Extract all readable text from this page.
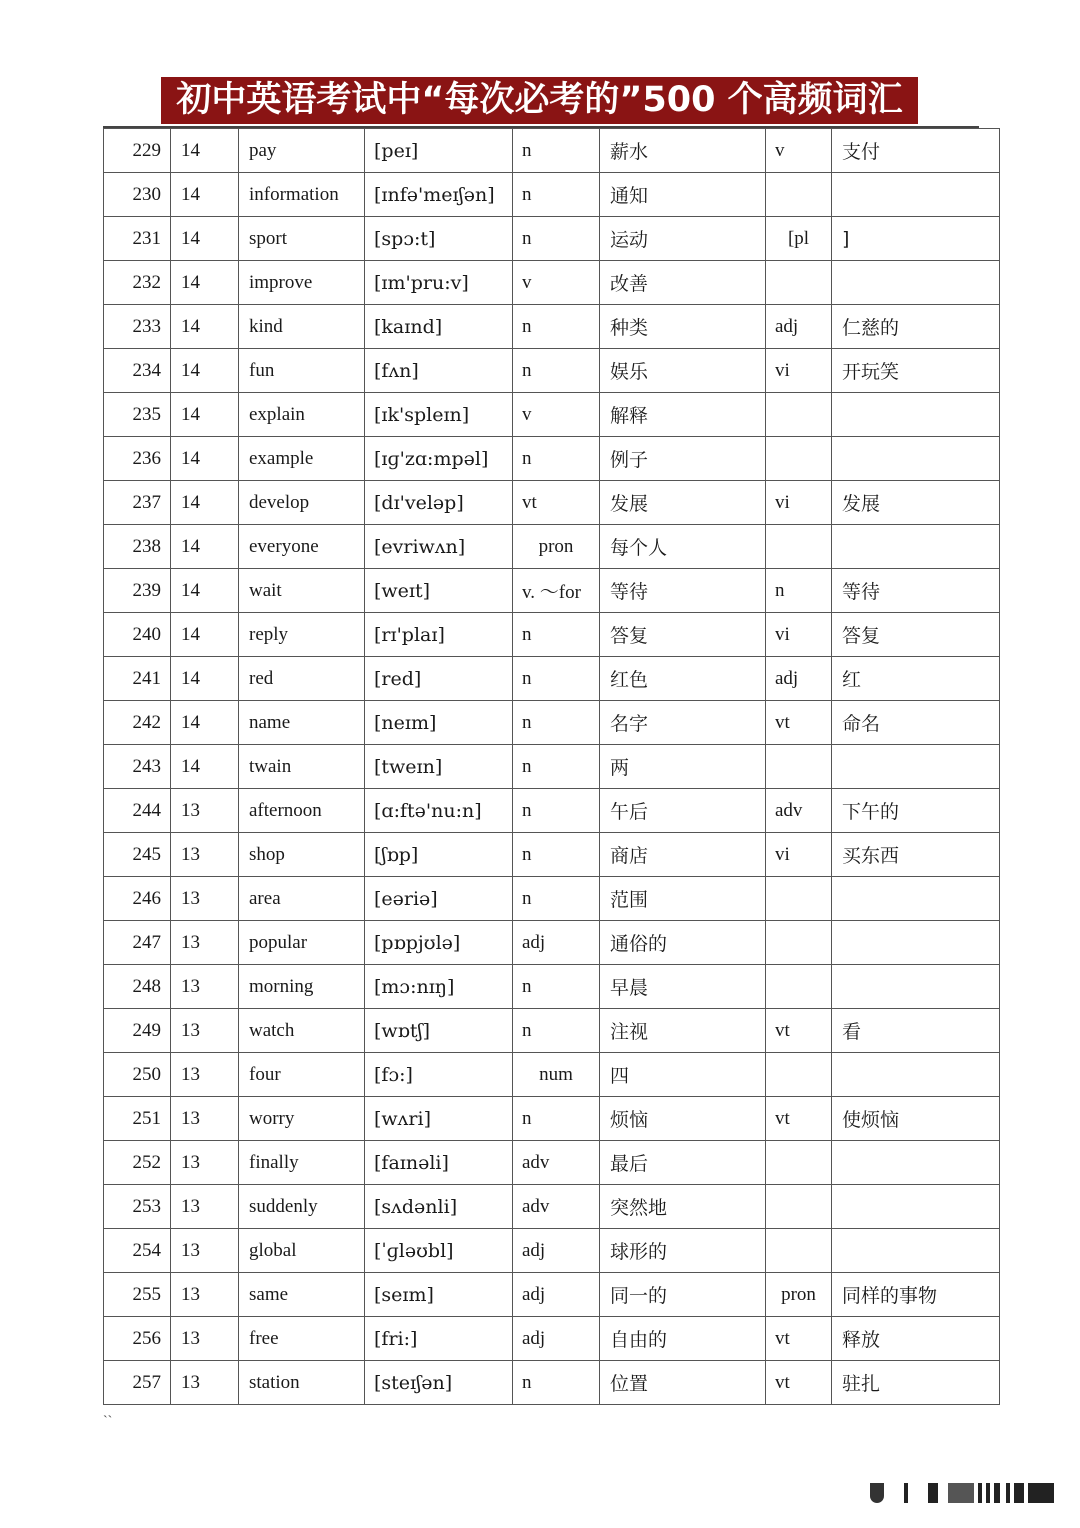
初中英语考试中“每次必考的”500 个高频词汇
229	14	pay	[peɪ]	n	薪水	v	支付
230	14	information	[ɪnfə'meɪʃən]	n	通知		
231	14	sport	[spɔ:t]	n	运动	[pl	]
232	14	improve	[ɪm'pru:v]	v	改善		
233	14	kind	[kaɪnd]	n	种类	adj	仁慈的
234	14	fun	[fʌn]	n	娱乐	vi	开玩笑
235	14	explain	[ɪk'spleɪn]	v	解释		
236	14	example	[ɪɡ'zɑ:mpəl]	n	例子		
237	14	develop	[dɪ'veləp]	vt	发展	vi	发展
238	14	everyone	[evriwʌn]	pron	每个人		
239	14	wait	[weɪt]	v. ～for	等待	n	等待
240	14	reply	[rɪ'plaɪ]	n	答复	vi	答复
241	14	red	[red]	n	红色	adj	红
242	14	name	[neɪm]	n	名字	vt	命名
243	14	twain	[tweɪn]	n	两		
244	13	afternoon	[ɑ:ftə'nu:n]	n	午后	adv	下午的
245	13	shop	[ʃɒp]	n	商店	vi	买东西
246	13	area	[eəriə]	n	范围		
247	13	popular	[pɒpjʊlə]	adj	通俗的		
248	13	morning	[mɔ:nɪŋ]	n	早晨		
249	13	watch	[wɒtʃ]	n	注视	vt	看
250	13	four	[fɔ:]	num	四		
251	13	worry	[wʌri]	n	烦恼	vt	使烦恼
252	13	finally	[faɪnəli]	adv	最后		
253	13	suddenly	[sʌdənli]	adv	突然地		
254	13	global	[ˈɡləʊbl]	adj	球形的		
255	13	same	[seɪm]	adj	同一的	pron	同样的事物
256	13	free	[fri:]	adj	自由的	vt	释放
257	13	station	[steɪʃən]	n	位置	vt	驻扎
``
